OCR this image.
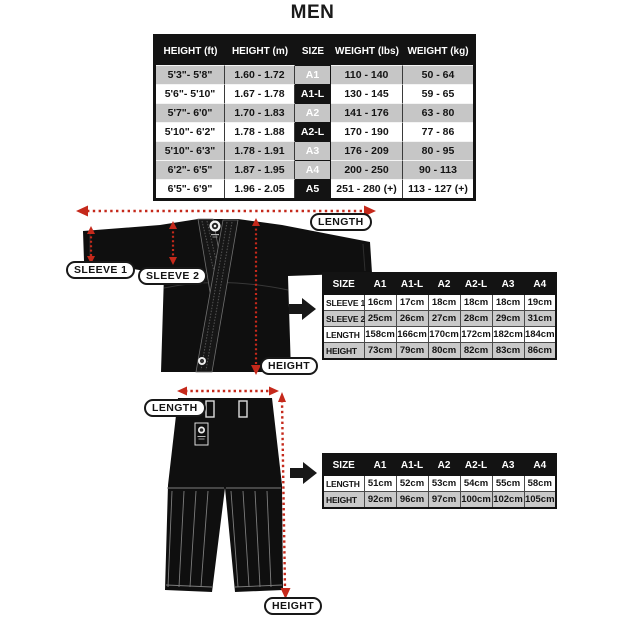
MEN
HEIGHT (ft)	HEIGHT (m)	SIZE	WEIGHT (lbs)	WEIGHT (kg)
5'3"- 5'8"	1.60 - 1.72	A1	110 - 140	50 - 64
5'6"- 5'10"	1.67 - 1.78	A1-L	130 - 145	59 - 65
5'7"- 6'0"	1.70 - 1.83	A2	141 - 176	63 - 80
5'10"- 6'2"	1.78 - 1.88	A2-L	170 - 190	77 - 86
5'10"- 6'3"	1.78 - 1.91	A3	176 - 209	80 - 95
6'2"- 6'5"	1.87 - 1.95	A4	200 - 250	90 - 113
6'5"- 6'9"	1.96 - 2.05	A5	251 - 280 (+)	113 - 127 (+)
SLEEVE 1	SLEEVE 2
LENGTH
HEIGHT
SIZE	A1	A1-L	A2	A2-L	A3	A4
SLEEVE 1	16cm	17cm	18cm	18cm	18cm	19cm
SLEEVE 2	25cm	26cm	27cm	28cm	29cm	31cm
LENGTH	158cm	166cm	170cm	172cm	182cm	184cm
HEIGHT	73cm	79cm	80cm	82cm	83cm	86cm
LENGTH
HEIGHT
SIZE	A1	A1-L	A2	A2-L	A3	A4
LENGTH	51cm	52cm	53cm	54cm	55cm	58cm
HEIGHT	92cm	96cm	97cm	100cm	102cm	105cm
